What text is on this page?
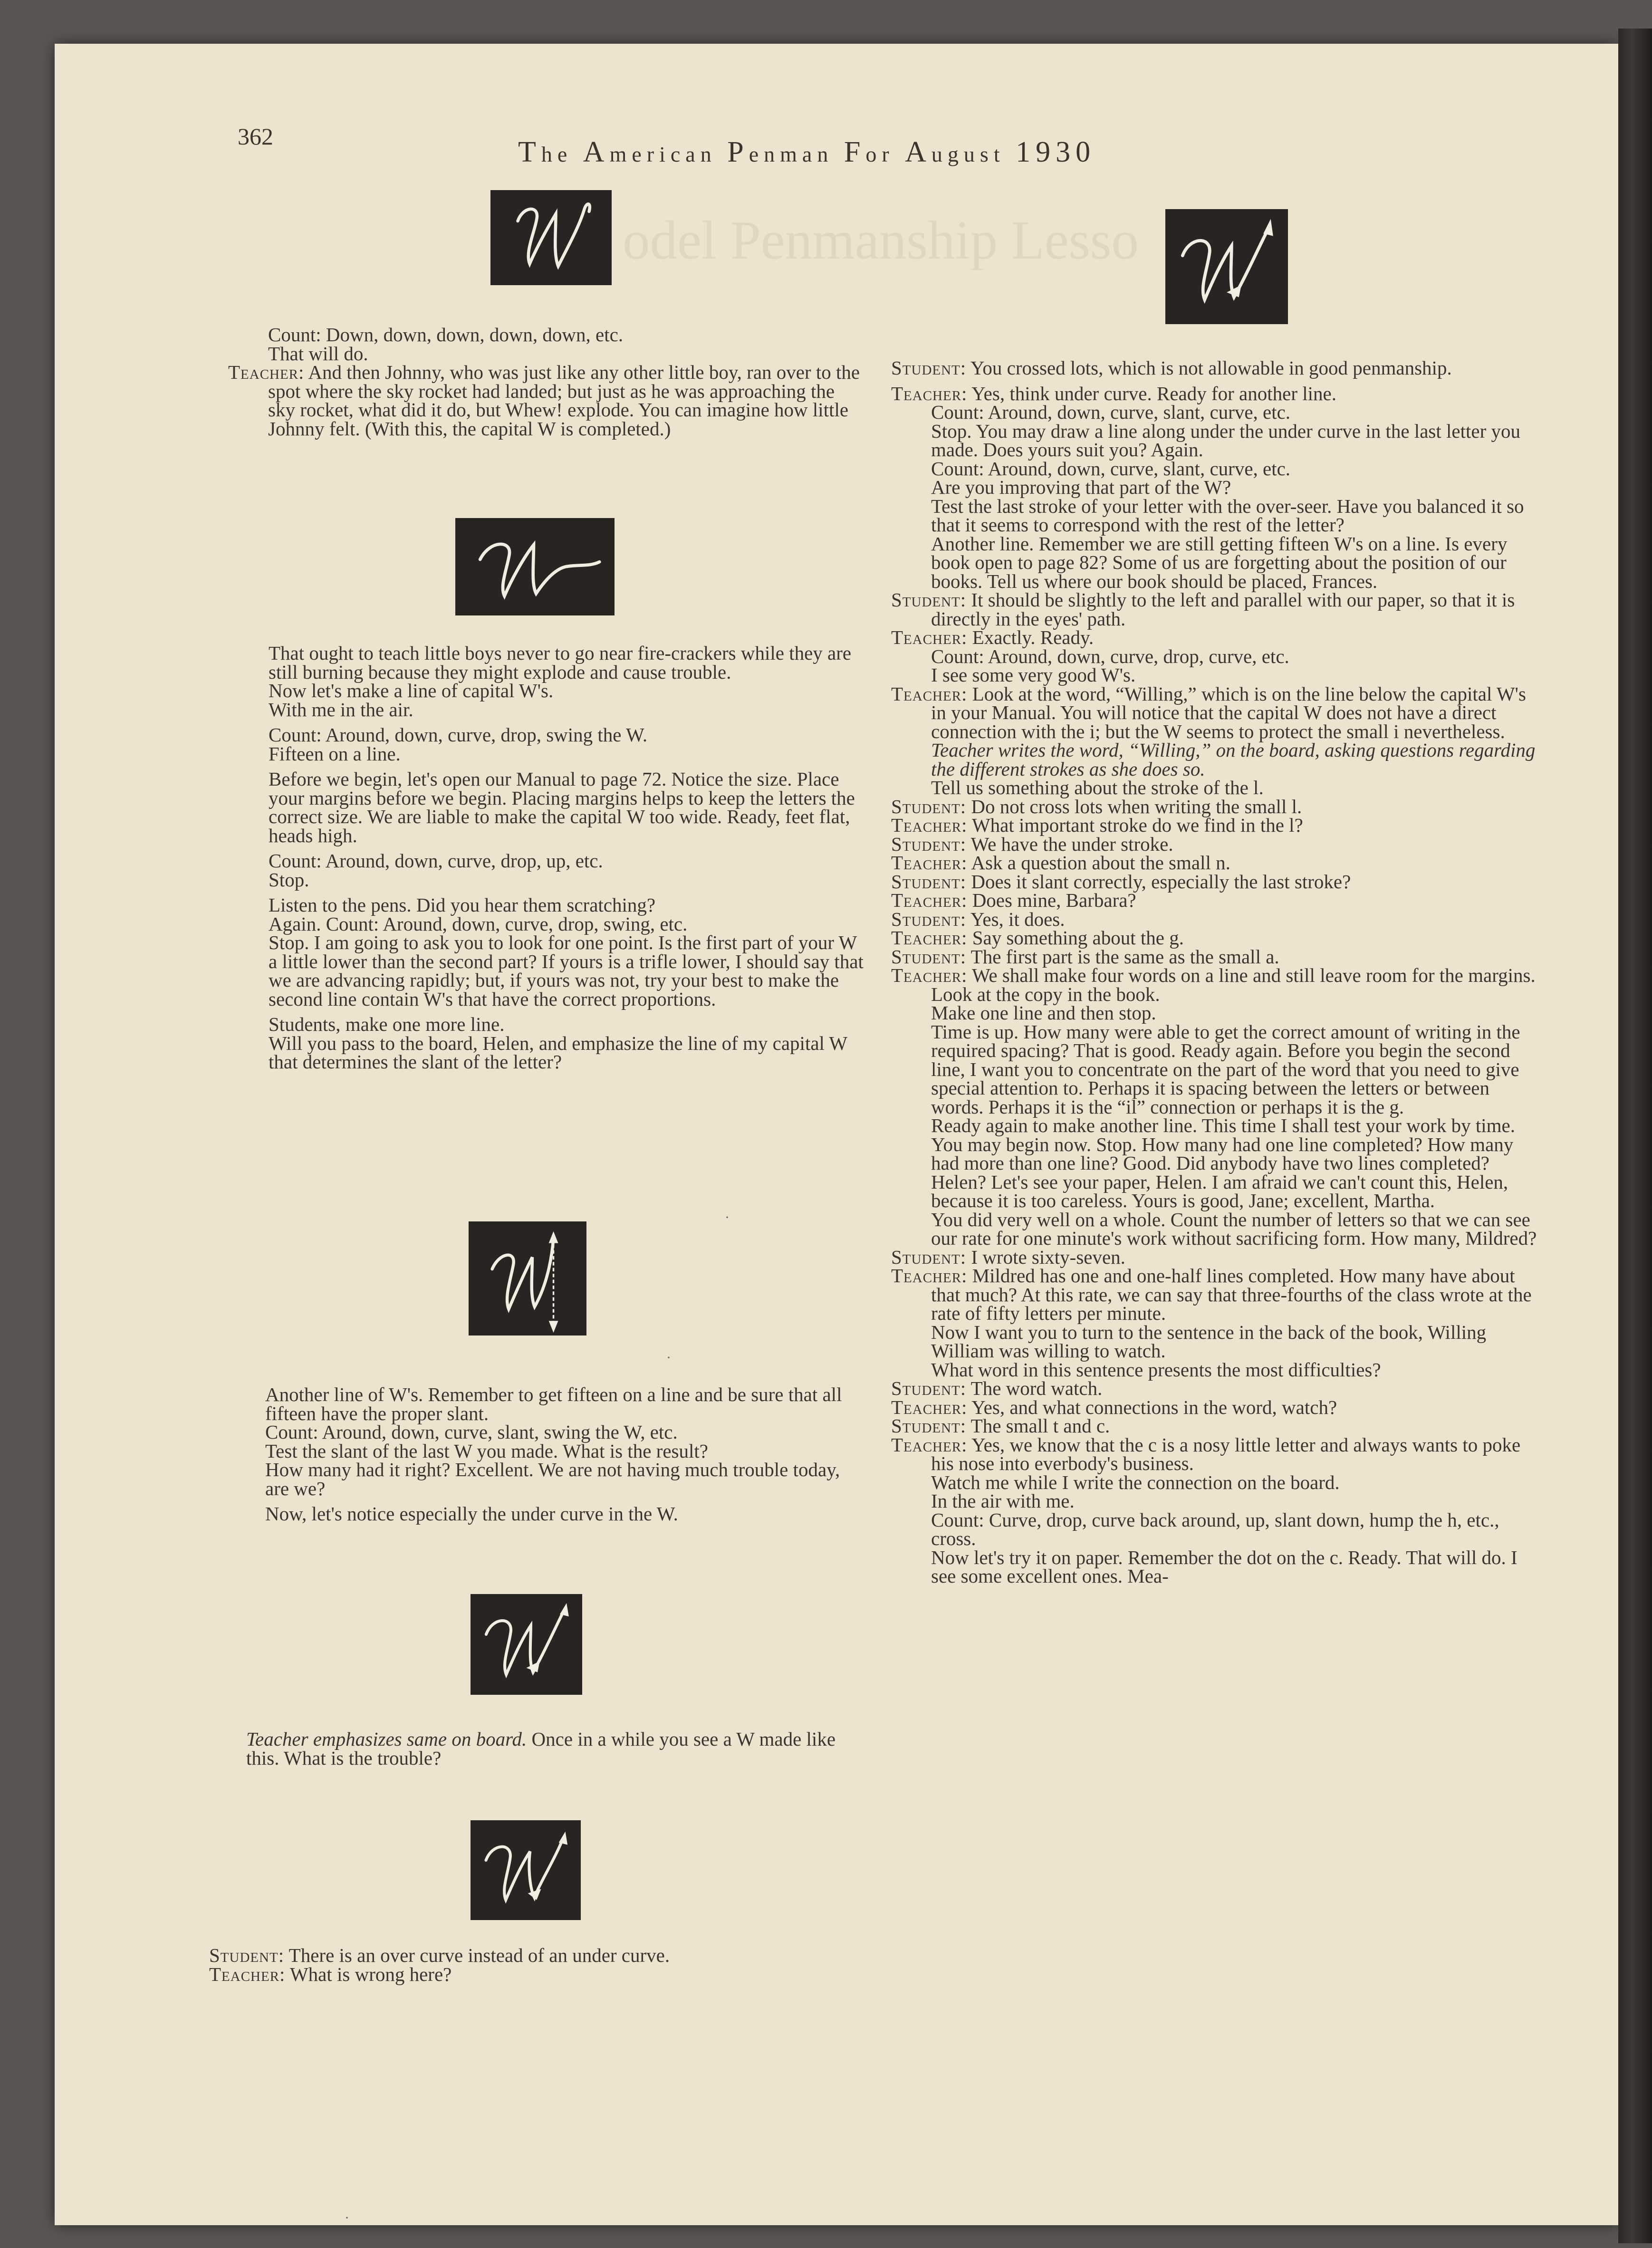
odel Penmanship Lesso
362	The American Penman For August 1930
·
·
·

Count: Down, down, down, down, down, etc.

That will do.

Teacher: And then Johnny, who was just like any other little boy, ran over to the spot where the sky rocket had landed; but just as he was approaching the sky rocket, what did it do, but Whew! explode. You can imagine how little Johnny felt. (With this, the capital W is completed.)

That ought to teach little boys never to go near fire-crackers while they are still burning because they might explode and cause trouble.

Now let's make a line of capital W's.

With me in the air.

Count: Around, down, curve, drop, swing the W.

Fifteen on a line.

Before we begin, let's open our Manual to page 72. Notice the size. Place your margins before we begin. Placing margins helps to keep the letters the correct size. We are liable to make the capital W too wide. Ready, feet flat, heads high.

Count: Around, down, curve, drop, up, etc.

Stop.

Listen to the pens. Did you hear them scratching?

Again. Count: Around, down, curve, drop, swing, etc.

Stop. I am going to ask you to look for one point. Is the first part of your W a little lower than the second part? If yours is a trifle lower, I should say that we are advancing rapidly; but, if yours was not, try your best to make the second line contain W's that have the correct proportions.

Students, make one more line.

Will you pass to the board, Helen, and emphasize the line of my capital W that determines the slant of the letter?

Another line of W's. Remember to get fifteen on a line and be sure that all fifteen have the proper slant.

Count: Around, down, curve, slant, swing the W, etc.

Test the slant of the last W you made. What is the result?

How many had it right? Excellent. We are not having much trouble today, are we?

Now, let's notice especially the under curve in the W.

Teacher emphasizes same on board. Once in a while you see a W made like this. What is the trouble?

Student: There is an over curve instead of an under curve.

Teacher: What is wrong here?

Student: You crossed lots, which is not allowable in good penmanship.

Teacher: Yes, think under curve. Ready for another line.

Count: Around, down, curve, slant, curve, etc.

Stop. You may draw a line along under the under curve in the last letter you made. Does yours suit you? Again.

Count: Around, down, curve, slant, curve, etc.

Are you improving that part of the W?

Test the last stroke of your letter with the over-seer. Have you balanced it so that it seems to correspond with the rest of the letter?

Another line. Remember we are still getting fifteen W's on a line. Is every book open to page 82? Some of us are forgetting about the position of our books. Tell us where our book should be placed, Frances.

Student: It should be slightly to the left and parallel with our paper, so that it is directly in the eyes' path.

Teacher: Exactly. Ready.

Count: Around, down, curve, drop, curve, etc.

I see some very good W's.

Teacher: Look at the word, “Willing,” which is on the line below the capital W's in your Manual. You will notice that the capital W does not have a direct connection with the i; but the W seems to protect the small i nevertheless.

Teacher writes the word, “Willing,” on the board, asking questions regarding the different strokes as she does so.

Tell us something about the stroke of the l.

Student: Do not cross lots when writing the small l.

Teacher: What important stroke do we find in the l?

Student: We have the under stroke.

Teacher: Ask a question about the small n.

Student: Does it slant correctly, especially the last stroke?

Teacher: Does mine, Barbara?

Student: Yes, it does.

Teacher: Say something about the g.

Student: The first part is the same as the small a.

Teacher: We shall make four words on a line and still leave room for the margins. Look at the copy in the book.

Make one line and then stop.

Time is up. How many were able to get the correct amount of writing in the required spacing? That is good. Ready again. Before you begin the second line, I want you to concentrate on the part of the word that you need to give special attention to. Perhaps it is spacing between the letters or between words. Perhaps it is the “il” connection or perhaps it is the g.

Ready again to make another line. This time I shall test your work by time. You may begin now. Stop. How many had one line completed? How many had more than one line? Good. Did anybody have two lines completed? Helen? Let's see your paper, Helen. I am afraid we can't count this, Helen, because it is too careless. Yours is good, Jane; excellent, Martha.

You did very well on a whole. Count the number of letters so that we can see our rate for one minute's work without sacrificing form. How many, Mildred?

Student: I wrote sixty-seven.

Teacher: Mildred has one and one-half lines completed. How many have about that much? At this rate, we can say that three-fourths of the class wrote at the rate of fifty letters per minute.

Now I want you to turn to the sentence in the back of the book, Willing William was willing to watch.

What word in this sentence presents the most difficulties?

Student: The word watch.

Teacher: Yes, and what connections in the word, watch?

Student: The small t and c.

Teacher: Yes, we know that the c is a nosy little letter and always wants to poke his nose into everbody's business.

Watch me while I write the connection on the board.

In the air with me.

Count: Curve, drop, curve back around, up, slant down, hump the h, etc., cross.

Now let's try it on paper. Remember the dot on the c. Ready. That will do. I see some excellent ones. Mea-
